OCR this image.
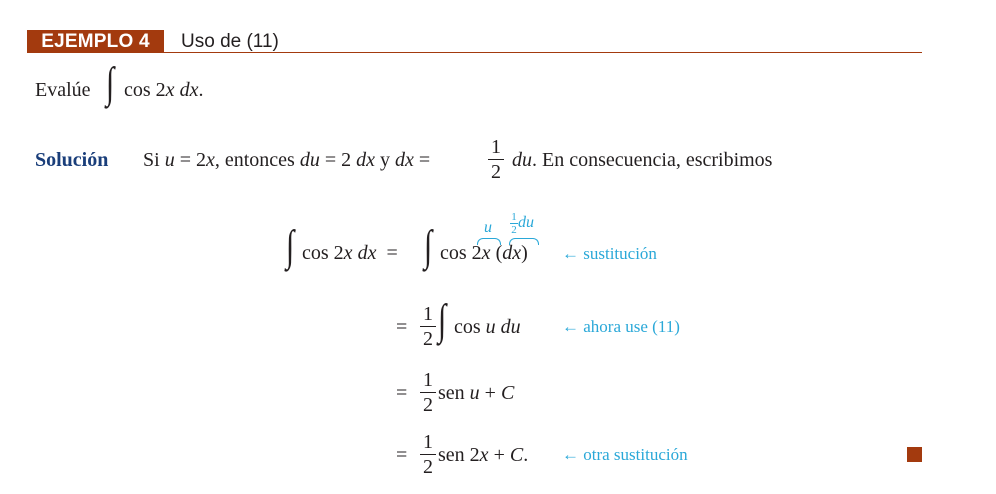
EJEMPLO 4	Uso de (11)
Evalúe ∫ cos 2x dx.
Solución Si u = 2x, entonces du = 2 dx y dx =	$\frac{1}{2}$ du. En consecuencia, escribimos
∫ cos 2x dx  = ∫ cos 2x (dx)
u $\frac{1}{2}$ du
← sustitución
= $\frac{1}{2}$ ∫ cos u du ← ahora use (11)
= $\frac{1}{2}$ sen u + C
= $\frac{1}{2}$ sen 2x + C. ← otra sustitución
